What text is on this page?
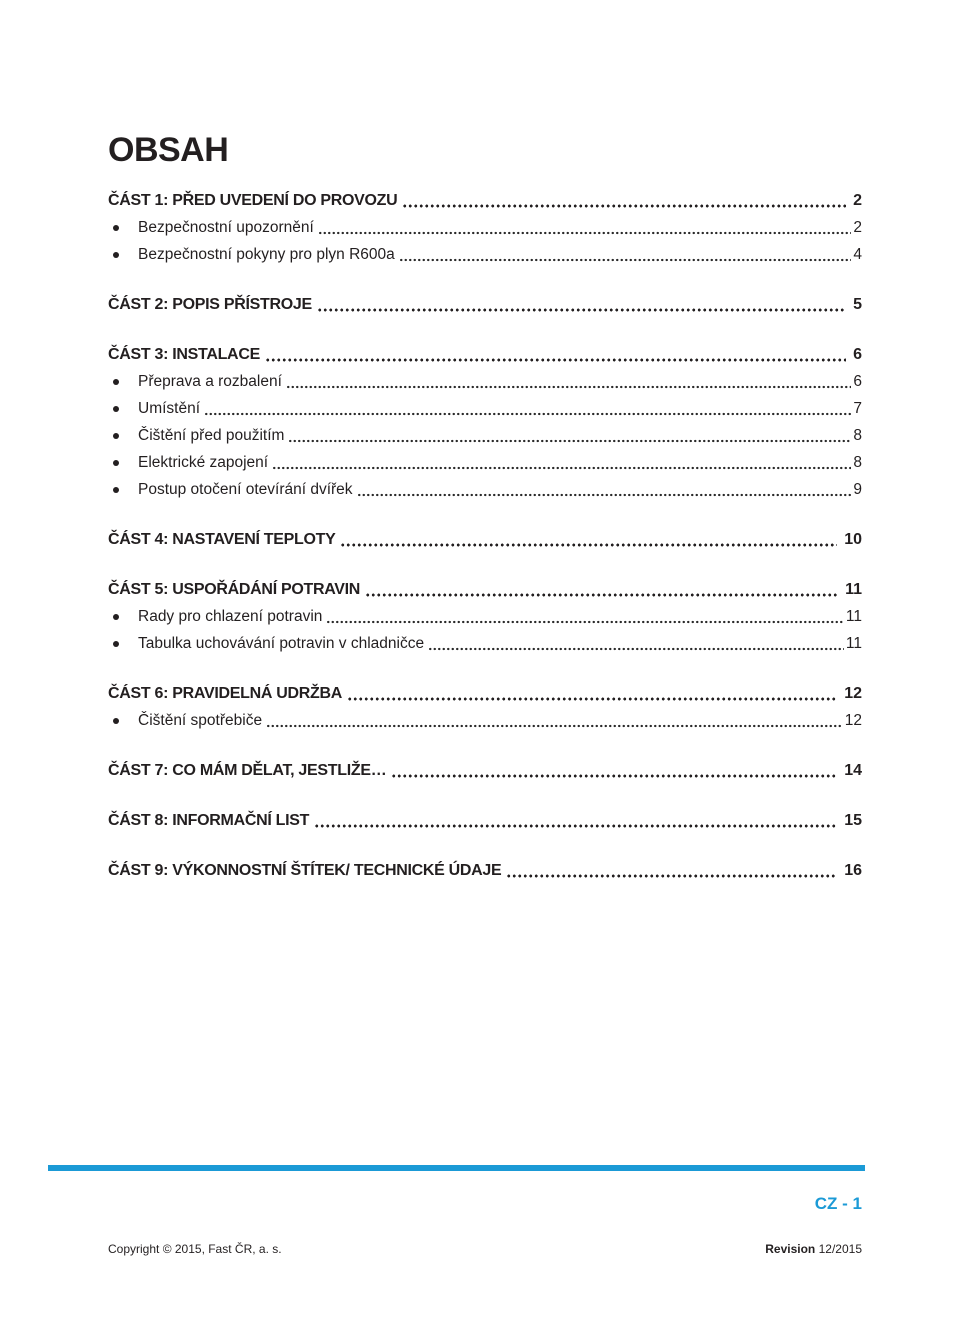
OBSAH
ČÁST 1: PŘED UVEDENÍ DO PROVOZU	2
Bezpečnostní upozornění	2
Bezpečnostní pokyny pro plyn R600a	4
ČÁST 2: POPIS PŘÍSTROJE	5
ČÁST 3: INSTALACE	6
Přeprava a rozbalení	6
Umístění	7
Čištění před použitím	8
Elektrické zapojení	8
Postup otočení otevírání dvířek	9
ČÁST 4: NASTAVENÍ TEPLOTY	10
ČÁST 5: USPOŘÁDÁNÍ POTRAVIN	11
Rady pro chlazení potravin	11
Tabulka uchovávání potravin v chladničce	11
ČÁST 6: PRAVIDELNÁ UDRŽBA	12
Čištění spotřebiče	12
ČÁST 7: CO MÁM DĚLAT, JESTLIŽE…	14
ČÁST 8: INFORMAČNÍ LIST	15
ČÁST 9: VÝKONNOSTNÍ ŠTÍTEK/ TECHNICKÉ ÚDAJE	16
CZ - 1
Copyright © 2015, Fast ČR, a. s.	Revision 12/2015
